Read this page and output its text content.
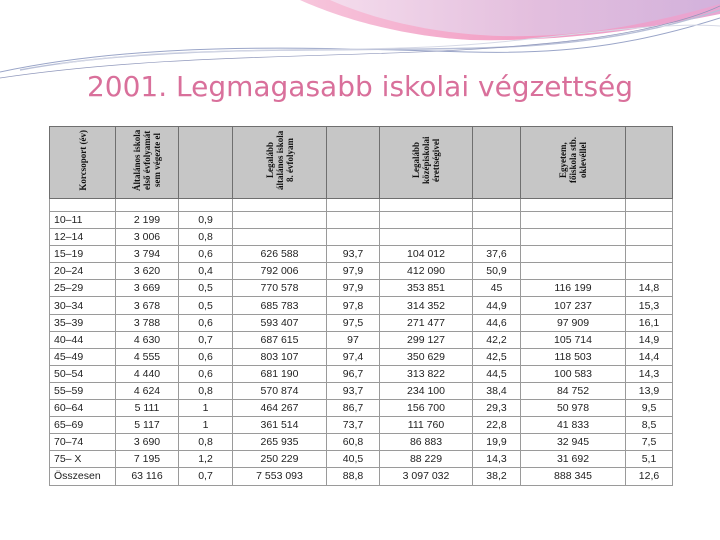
2001. Legmagasabb iskolai végzettség
Korcsoport (év)	Általános iskola első évfolyamát sem végezte el		Legalább általános iskola 8. évfolyam		Legalább középiskolai érettségivel		Egyetem, főiskola stb. oklevéllel	

10–11	2 199	0,9						
12–14	3 006	0,8						
15–19	3 794	0,6	626 588	93,7	104 012	37,6		
20–24	3 620	0,4	792 006	97,9	412 090	50,9		
25–29	3 669	0,5	770 578	97,9	353 851	45	116 199	14,8
30–34	3 678	0,5	685 783	97,8	314 352	44,9	107 237	15,3
35–39	3 788	0,6	593 407	97,5	271 477	44,6	97 909	16,1
40–44	4 630	0,7	687 615	97	299 127	42,2	105 714	14,9
45–49	4 555	0,6	803 107	97,4	350 629	42,5	118 503	14,4
50–54	4 440	0,6	681 190	96,7	313 822	44,5	100 583	14,3
55–59	4 624	0,8	570 874	93,7	234 100	38,4	84 752	13,9
60–64	5 111	1	464 267	86,7	156 700	29,3	50 978	9,5
65–69	5 117	1	361 514	73,7	111 760	22,8	41 833	8,5
70–74	3 690	0,8	265 935	60,8	86 883	19,9	32 945	7,5
75– X	7 195	1,2	250 229	40,5	88 229	14,3	31 692	5,1
Összesen	63 116	0,7	7 553 093	88,8	3 097 032	38,2	888 345	12,6
